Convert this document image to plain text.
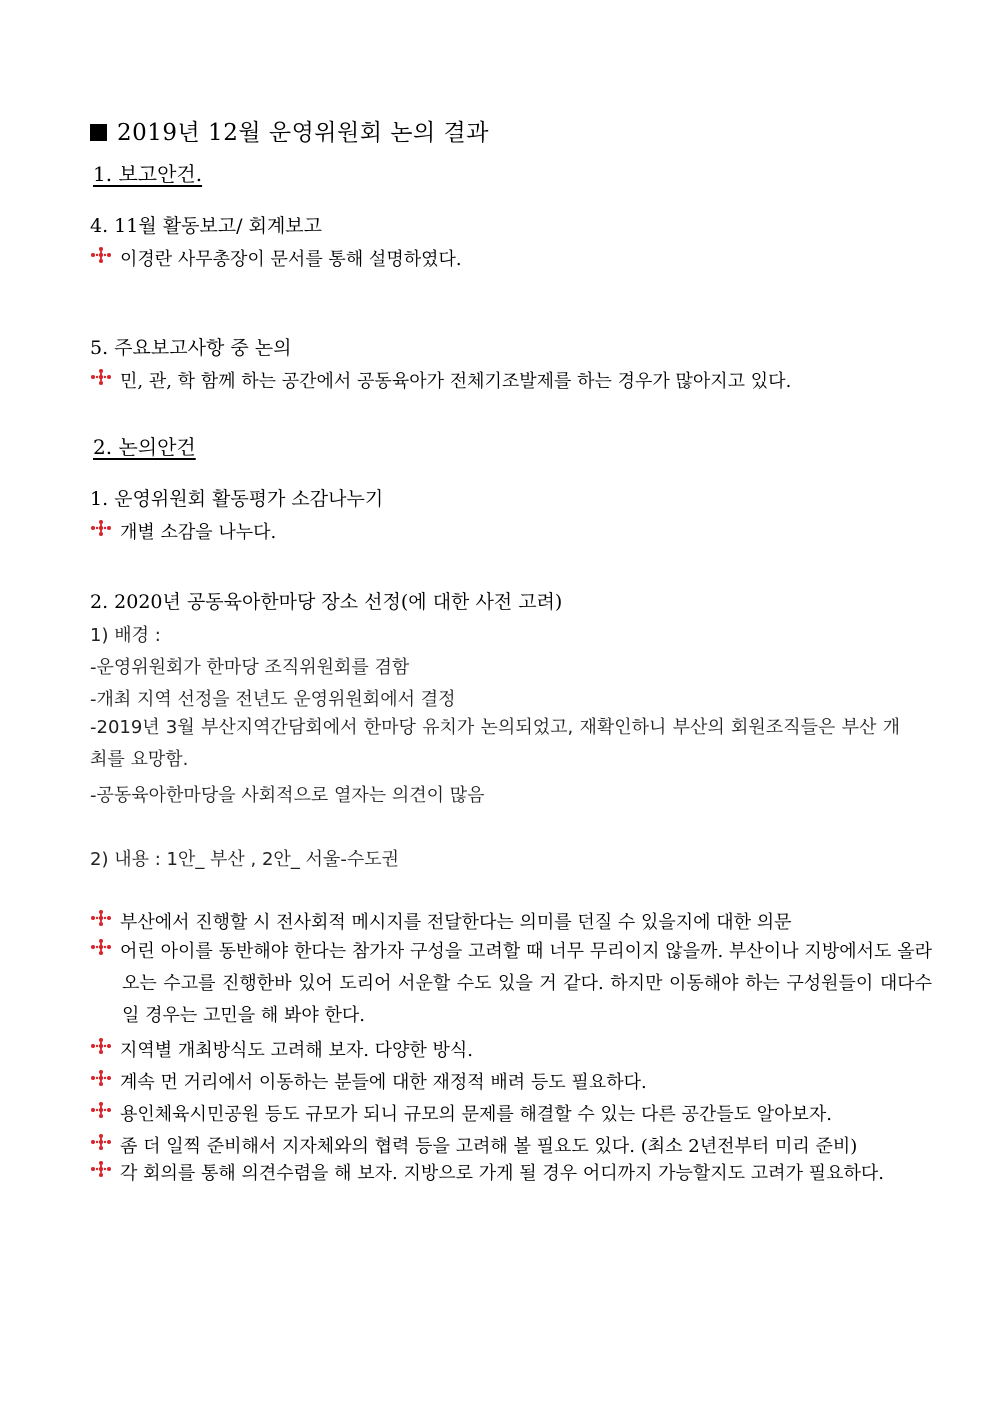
2019년 12월 운영위원회 논의 결과
1. 보고안건.
4. 11월 활동보고/ 회계보고
이경란 사무총장이 문서를 통해 설명하였다.
5. 주요보고사항 중 논의
민, 관, 학 함께 하는 공간에서 공동육아가 전체기조발제를 하는 경우가 많아지고 있다.
2. 논의안건
1. 운영위원회 활동평가 소감나누기
개별 소감을 나누다.
2. 2020년 공동육아한마당 장소 선정(에 대한 사전 고려)
1) 배경 :
-운영위원회가 한마당 조직위원회를 겸함
-개최 지역 선정을 전년도 운영위원회에서 결정
-2019년 3월 부산지역간담회에서 한마당 유치가 논의되었고, 재확인하니 부산의 회원조직들은 부산 개최를 요망함.
-공동육아한마당을 사회적으로 열자는 의견이 많음
2) 내용 : 1안_ 부산 , 2안_ 서울-수도권
부산에서 진행할 시 전사회적 메시지를 전달한다는 의미를 던질 수 있을지에 대한 의문
어린 아이를 동반해야 한다는 참가자 구성을 고려할 때 너무 무리이지 않을까. 부산이나 지방에서도 올라오는 수고를 진행한바 있어 도리어 서운할 수도 있을 거 같다. 하지만 이동해야 하는 구성원들이 대다수일 경우는 고민을 해 봐야 한다.
지역별 개최방식도 고려해 보자. 다양한 방식.
계속 먼 거리에서 이동하는 분들에 대한 재정적 배려 등도 필요하다.
용인체육시민공원 등도 규모가 되니 규모의 문제를 해결할 수 있는 다른 공간들도 알아보자.
좀 더 일찍 준비해서 지자체와의 협력 등을 고려해 볼 필요도 있다. (최소 2년전부터 미리 준비)
각 회의를 통해 의견수렴을 해 보자. 지방으로 가게 될 경우 어디까지 가능할지도 고려가 필요하다.
